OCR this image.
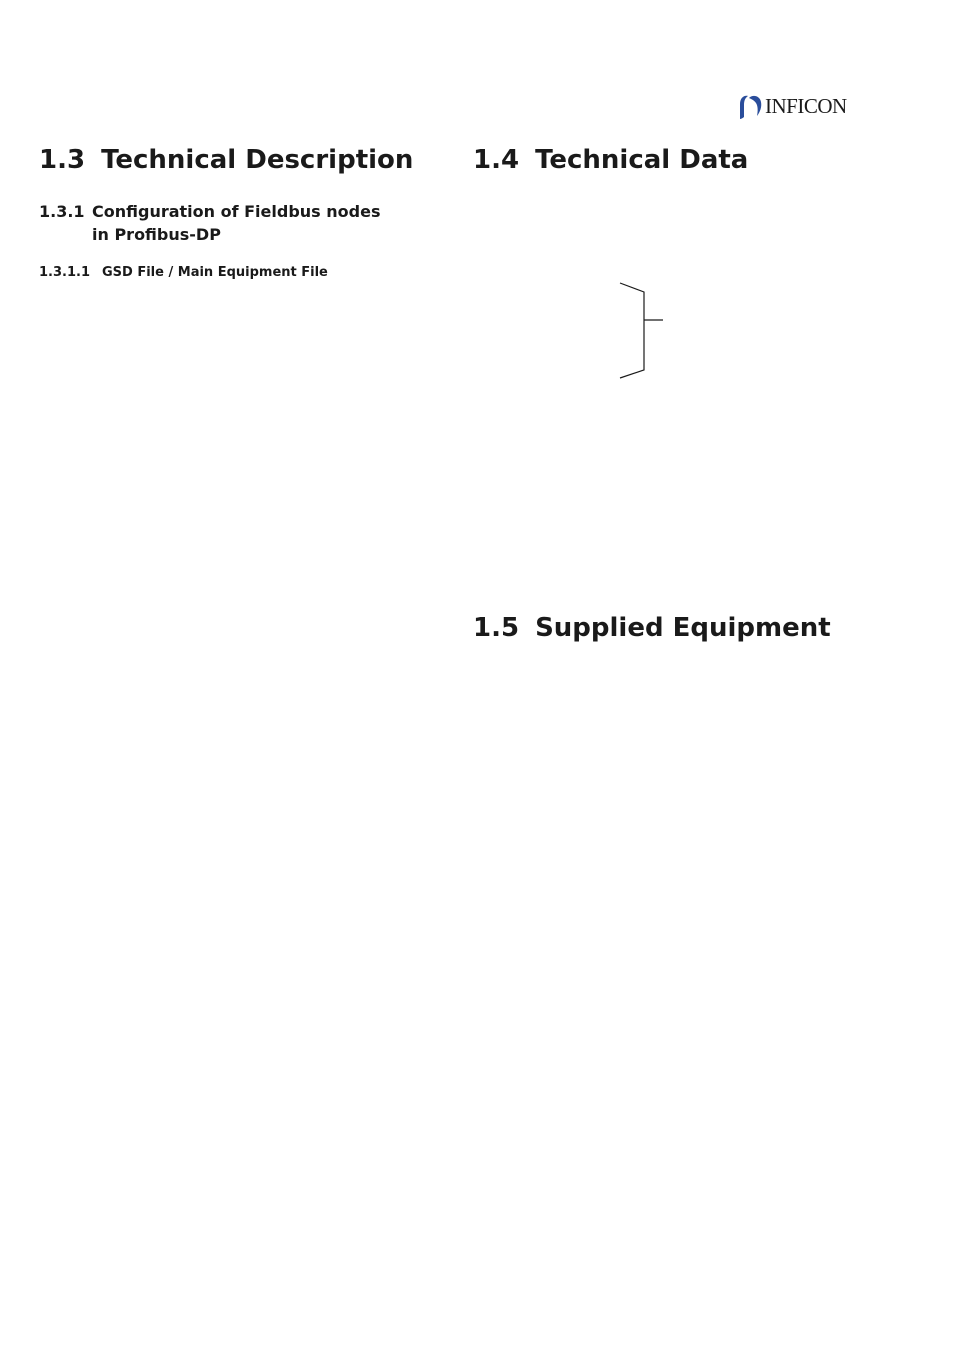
INFICON
1.3 Technical Description
1.3.1 Configuration of Fieldbus nodes in Profibus-DP
1.3.1.1 GSD File / Main Equipment File
1.4 Technical Data
1.5 Supplied Equipment
